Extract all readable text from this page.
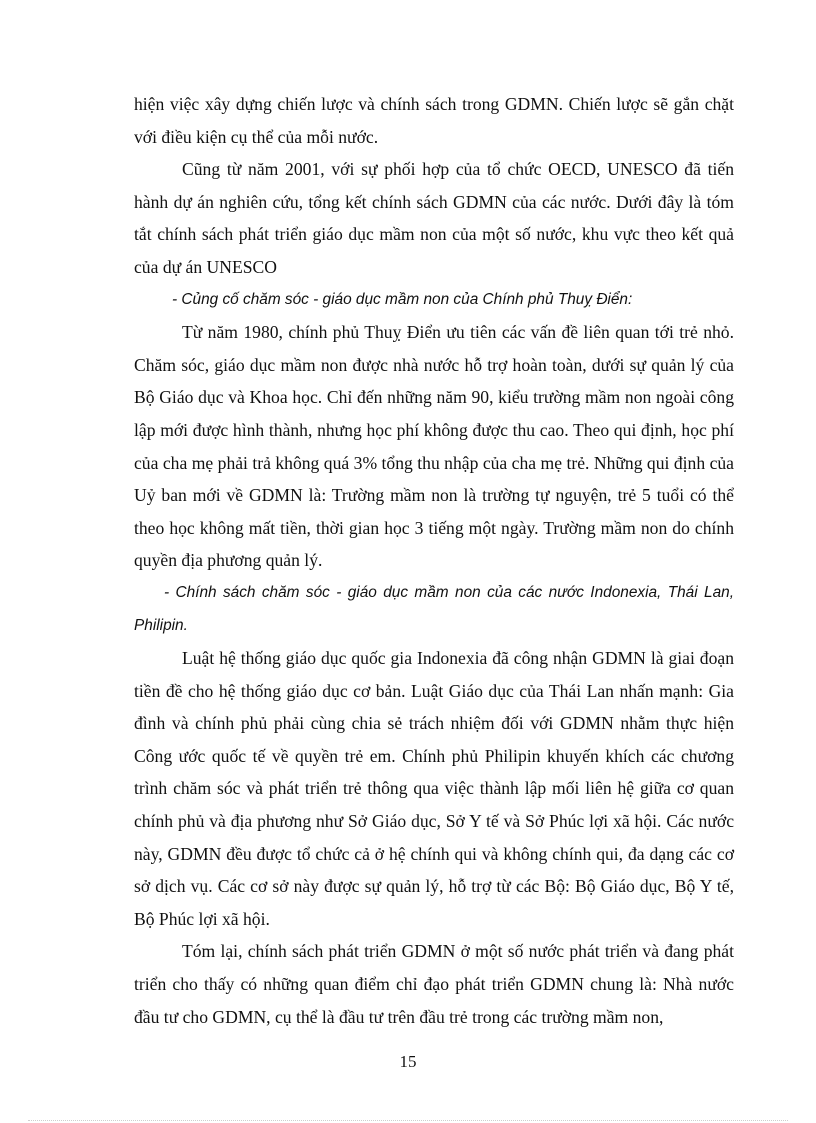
hiện việc xây dựng chiến lược và chính sách trong GDMN. Chiến lược sẽ gắn chặt với điều kiện cụ thể của mỗi nước.

Cũng từ năm 2001, với sự phối hợp của tổ chức OECD, UNESCO đã tiến hành dự án nghiên cứu, tổng kết chính sách GDMN của các nước. Dưới đây là tóm tắt chính sách phát triển giáo dục mầm non của một số nước, khu vực theo kết quả của dự án UNESCO

- Củng cố chăm sóc - giáo dục mầm non của Chính phủ Thuỵ Điển:

Từ năm 1980, chính phủ Thuỵ Điển ưu tiên các vấn đề liên quan tới trẻ nhỏ. Chăm sóc, giáo dục mầm non được nhà nước hỗ trợ hoàn toàn, dưới sự quản lý của Bộ Giáo dục và Khoa học. Chỉ đến những năm 90, kiểu trường mầm non ngoài công lập mới được hình thành, nhưng học phí không được thu cao. Theo qui định, học phí của cha mẹ phải trả không quá 3% tổng thu nhập của cha mẹ trẻ. Những qui định của Uỷ ban mới về GDMN là: Trường mầm non là trường tự nguyện, trẻ 5 tuổi có thể theo học không mất tiền, thời gian học 3 tiếng một ngày. Trường mầm non do chính quyền địa phương quản lý.

- Chính sách chăm sóc - giáo dục mầm non của các nước Indonexia, Thái Lan, Philipin.

Luật hệ thống giáo dục quốc gia Indonexia đã công nhận GDMN là giai đoạn tiền đề cho hệ thống giáo dục cơ bản. Luật Giáo dục của Thái Lan nhấn mạnh: Gia đình và chính phủ phải cùng chia sẻ trách nhiệm đối với GDMN nhằm thực hiện Công ước quốc tế về quyền trẻ em. Chính phủ Philipin khuyến khích các chương trình chăm sóc và phát triển trẻ thông qua việc thành lập mối liên hệ giữa cơ quan chính phủ và địa phương như Sở Giáo dục, Sở Y tế và Sở Phúc lợi xã hội. Các nước này, GDMN đều được tổ chức cả ở hệ chính qui và không chính qui, đa dạng các cơ sở dịch vụ. Các cơ sở này được sự quản lý, hỗ trợ từ các Bộ: Bộ Giáo dục, Bộ Y tế, Bộ Phúc lợi xã hội.

Tóm lại, chính sách phát triển GDMN ở một số nước phát triển và đang phát triển cho thấy có những quan điểm chỉ đạo phát triển GDMN chung là: Nhà nước đầu tư cho GDMN, cụ thể là đầu tư trên đầu trẻ trong các trường mầm non,

15
